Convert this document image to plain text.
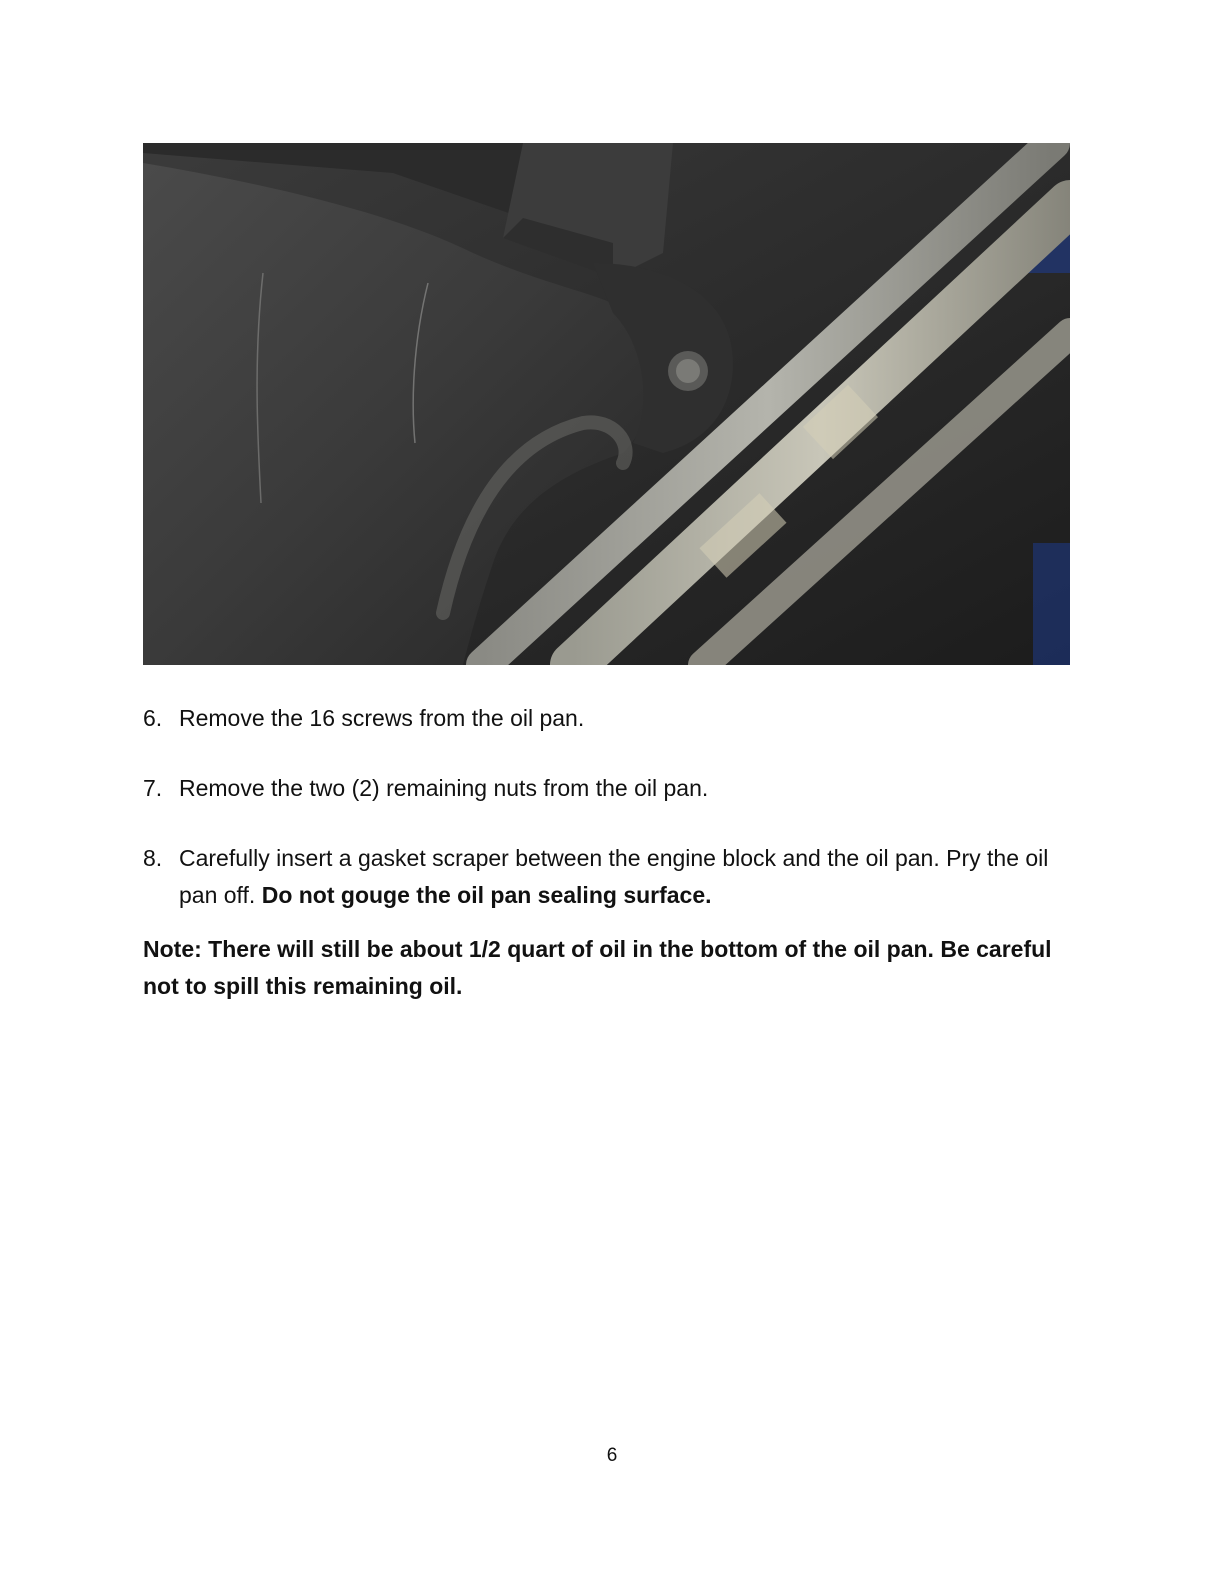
6. Remove the 16 screws from the oil pan.
7. Remove the two (2) remaining nuts from the oil pan.
8. Carefully insert a gasket scraper between the engine block and the oil pan. Pry the oil pan off. Do not gouge the oil pan sealing surface.

Note: There will still be about 1/2 quart of oil in the bottom of the oil pan. Be careful not to spill this remaining oil.

6
